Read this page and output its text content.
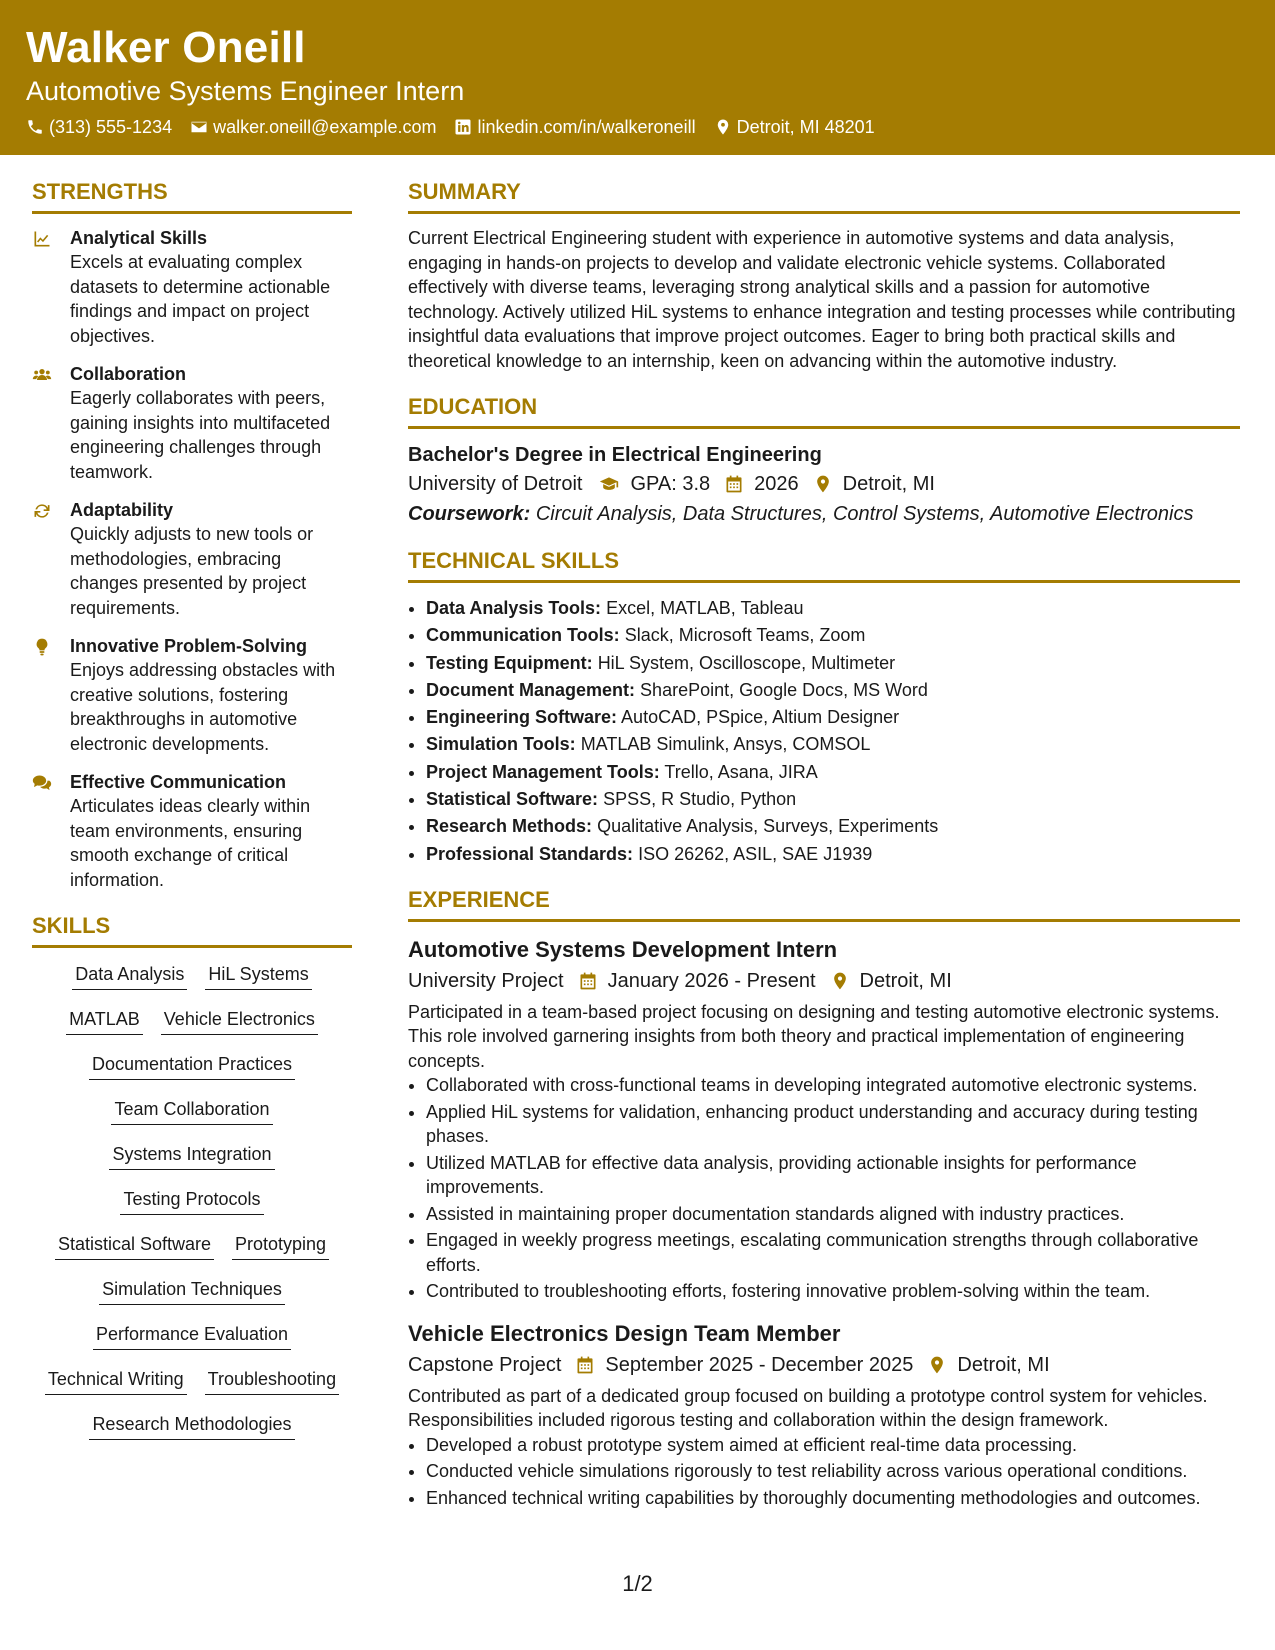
Walker Oneill
Automotive Systems Engineer Intern
(313) 555-1234 walker.oneill@example.com linkedin.com/in/walkeroneill Detroit, MI 48201
STRENGTHS
Analytical Skills
Excels at evaluating complex datasets to determine actionable findings and impact on project objectives.
Collaboration
Eagerly collaborates with peers, gaining insights into multifaceted engineering challenges through teamwork.
Adaptability
Quickly adjusts to new tools or methodologies, embracing changes presented by project requirements.
Innovative Problem-Solving
Enjoys addressing obstacles with creative solutions, fostering breakthroughs in automotive electronic developments.
Effective Communication
Articulates ideas clearly within team environments, ensuring smooth exchange of critical information.
SKILLS
Data Analysis HiL Systems
MATLAB Vehicle Electronics
Documentation Practices
Team Collaboration
Systems Integration
Testing Protocols
Statistical Software Prototyping
Simulation Techniques
Performance Evaluation
Technical Writing Troubleshooting
Research Methodologies
SUMMARY
Current Electrical Engineering student with experience in automotive systems and data analysis, engaging in hands-on projects to develop and validate electronic vehicle systems. Collaborated effectively with diverse teams, leveraging strong analytical skills and a passion for automotive technology. Actively utilized HiL systems to enhance integration and testing processes while contributing insightful data evaluations that improve project outcomes. Eager to bring both practical skills and theoretical knowledge to an internship, keen on advancing within the automotive industry.
EDUCATION
Bachelor's Degree in Electrical Engineering
University of Detroit GPA: 3.8 2026 Detroit, MI
Coursework: Circuit Analysis, Data Structures, Control Systems, Automotive Electronics
TECHNICAL SKILLS
• Data Analysis Tools: Excel, MATLAB, Tableau
• Communication Tools: Slack, Microsoft Teams, Zoom
• Testing Equipment: HiL System, Oscilloscope, Multimeter
• Document Management: SharePoint, Google Docs, MS Word
• Engineering Software: AutoCAD, PSpice, Altium Designer
• Simulation Tools: MATLAB Simulink, Ansys, COMSOL
• Project Management Tools: Trello, Asana, JIRA
• Statistical Software: SPSS, R Studio, Python
• Research Methods: Qualitative Analysis, Surveys, Experiments
• Professional Standards: ISO 26262, ASIL, SAE J1939
EXPERIENCE
Automotive Systems Development Intern
University Project January 2026 - Present Detroit, MI
Participated in a team-based project focusing on designing and testing automotive electronic systems. This role involved garnering insights from both theory and practical implementation of engineering concepts.
• Collaborated with cross-functional teams in developing integrated automotive electronic systems.
• Applied HiL systems for validation, enhancing product understanding and accuracy during testing phases.
• Utilized MATLAB for effective data analysis, providing actionable insights for performance improvements.
• Assisted in maintaining proper documentation standards aligned with industry practices.
• Engaged in weekly progress meetings, escalating communication strengths through collaborative efforts.
• Contributed to troubleshooting efforts, fostering innovative problem-solving within the team.
Vehicle Electronics Design Team Member
Capstone Project September 2025 - December 2025 Detroit, MI
Contributed as part of a dedicated group focused on building a prototype control system for vehicles. Responsibilities included rigorous testing and collaboration within the design framework.
• Developed a robust prototype system aimed at efficient real-time data processing.
• Conducted vehicle simulations rigorously to test reliability across various operational conditions.
• Enhanced technical writing capabilities by thoroughly documenting methodologies and outcomes.
1/2
